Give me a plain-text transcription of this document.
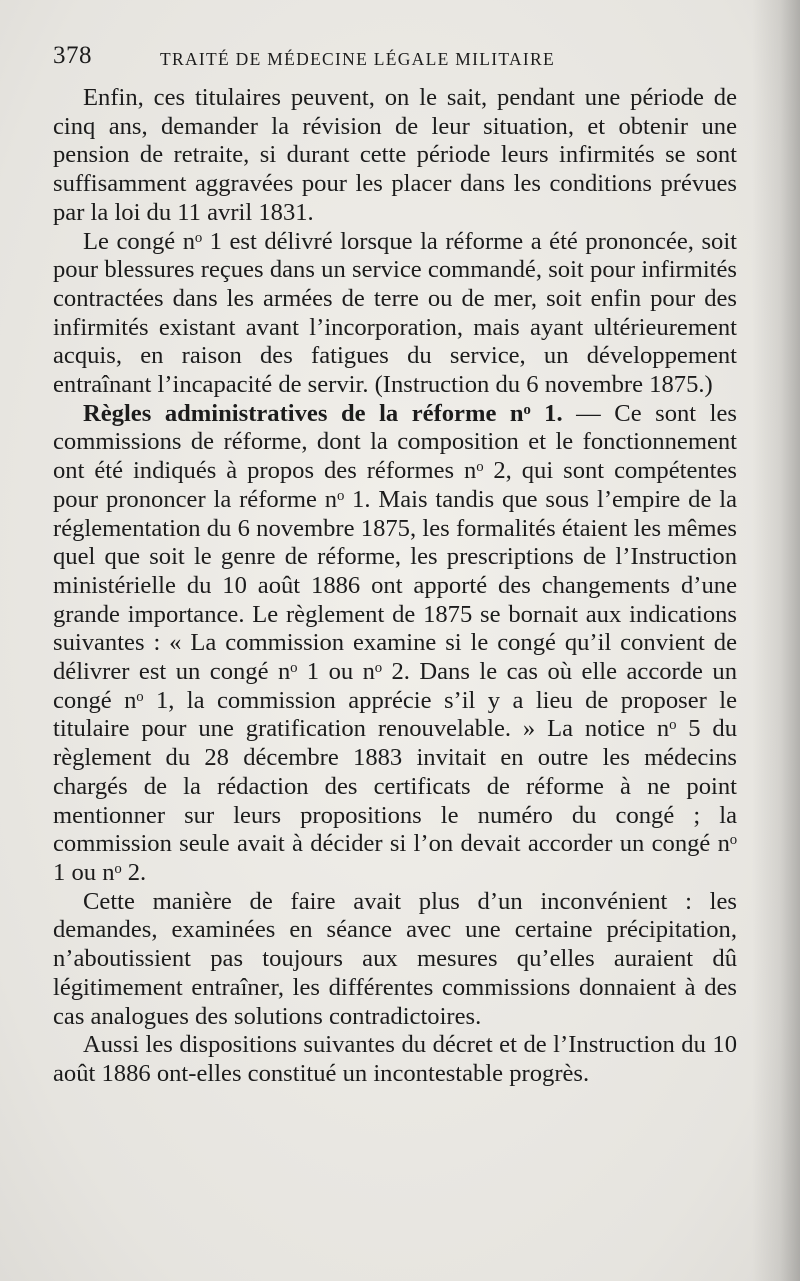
378	TRAITÉ DE MÉDECINE LÉGALE MILITAIRE

Enfin, ces titulaires peuvent, on le sait, pendant une période de cinq ans, demander la révision de leur situation, et obtenir une pension de retraite, si durant cette période leurs infirmités se sont suffisamment aggravées pour les placer dans les conditions prévues par la loi du 11 avril 1831.

Le congé nᵒ 1 est délivré lorsque la réforme a été prononcée, soit pour blessures reçues dans un service commandé, soit pour infirmités contractées dans les armées de terre ou de mer, soit enfin pour des infirmités existant avant l’incorporation, mais ayant ultérieurement acquis, en raison des fatigues du service, un développement entraînant l’incapacité de servir. (Instruction du 6 novembre 1875.)

Règles administratives de la réforme nᵒ 1. — Ce sont les commissions de réforme, dont la composition et le fonctionnement ont été indiqués à propos des réformes nᵒ 2, qui sont compétentes pour prononcer la réforme nᵒ 1. Mais tandis que sous l’empire de la réglementation du 6 novembre 1875, les formalités étaient les mêmes quel que soit le genre de réforme, les prescriptions de l’Instruction ministérielle du 10 août 1886 ont apporté des changements d’une grande importance. Le règlement de 1875 se bornait aux indications suivantes : « La commission examine si le congé qu’il convient de délivrer est un congé nᵒ 1 ou nᵒ 2. Dans le cas où elle accorde un congé nᵒ 1, la commission apprécie s’il y a lieu de proposer le titulaire pour une gratification renouvelable. » La notice nᵒ 5 du règlement du 28 décembre 1883 invitait en outre les médecins chargés de la rédaction des certificats de réforme à ne point mentionner sur leurs propositions le numéro du congé ; la commission seule avait à décider si l’on devait accorder un congé nᵒ 1 ou nᵒ 2.

Cette manière de faire avait plus d’un inconvénient : les demandes, examinées en séance avec une certaine précipitation, n’aboutissient pas toujours aux mesures qu’elles auraient dû légitimement entraîner, les différentes commissions donnaient à des cas analogues des solutions contradictoires.

Aussi les dispositions suivantes du décret et de l’Instruction du 10 août 1886 ont-elles constitué un incontestable progrès.
